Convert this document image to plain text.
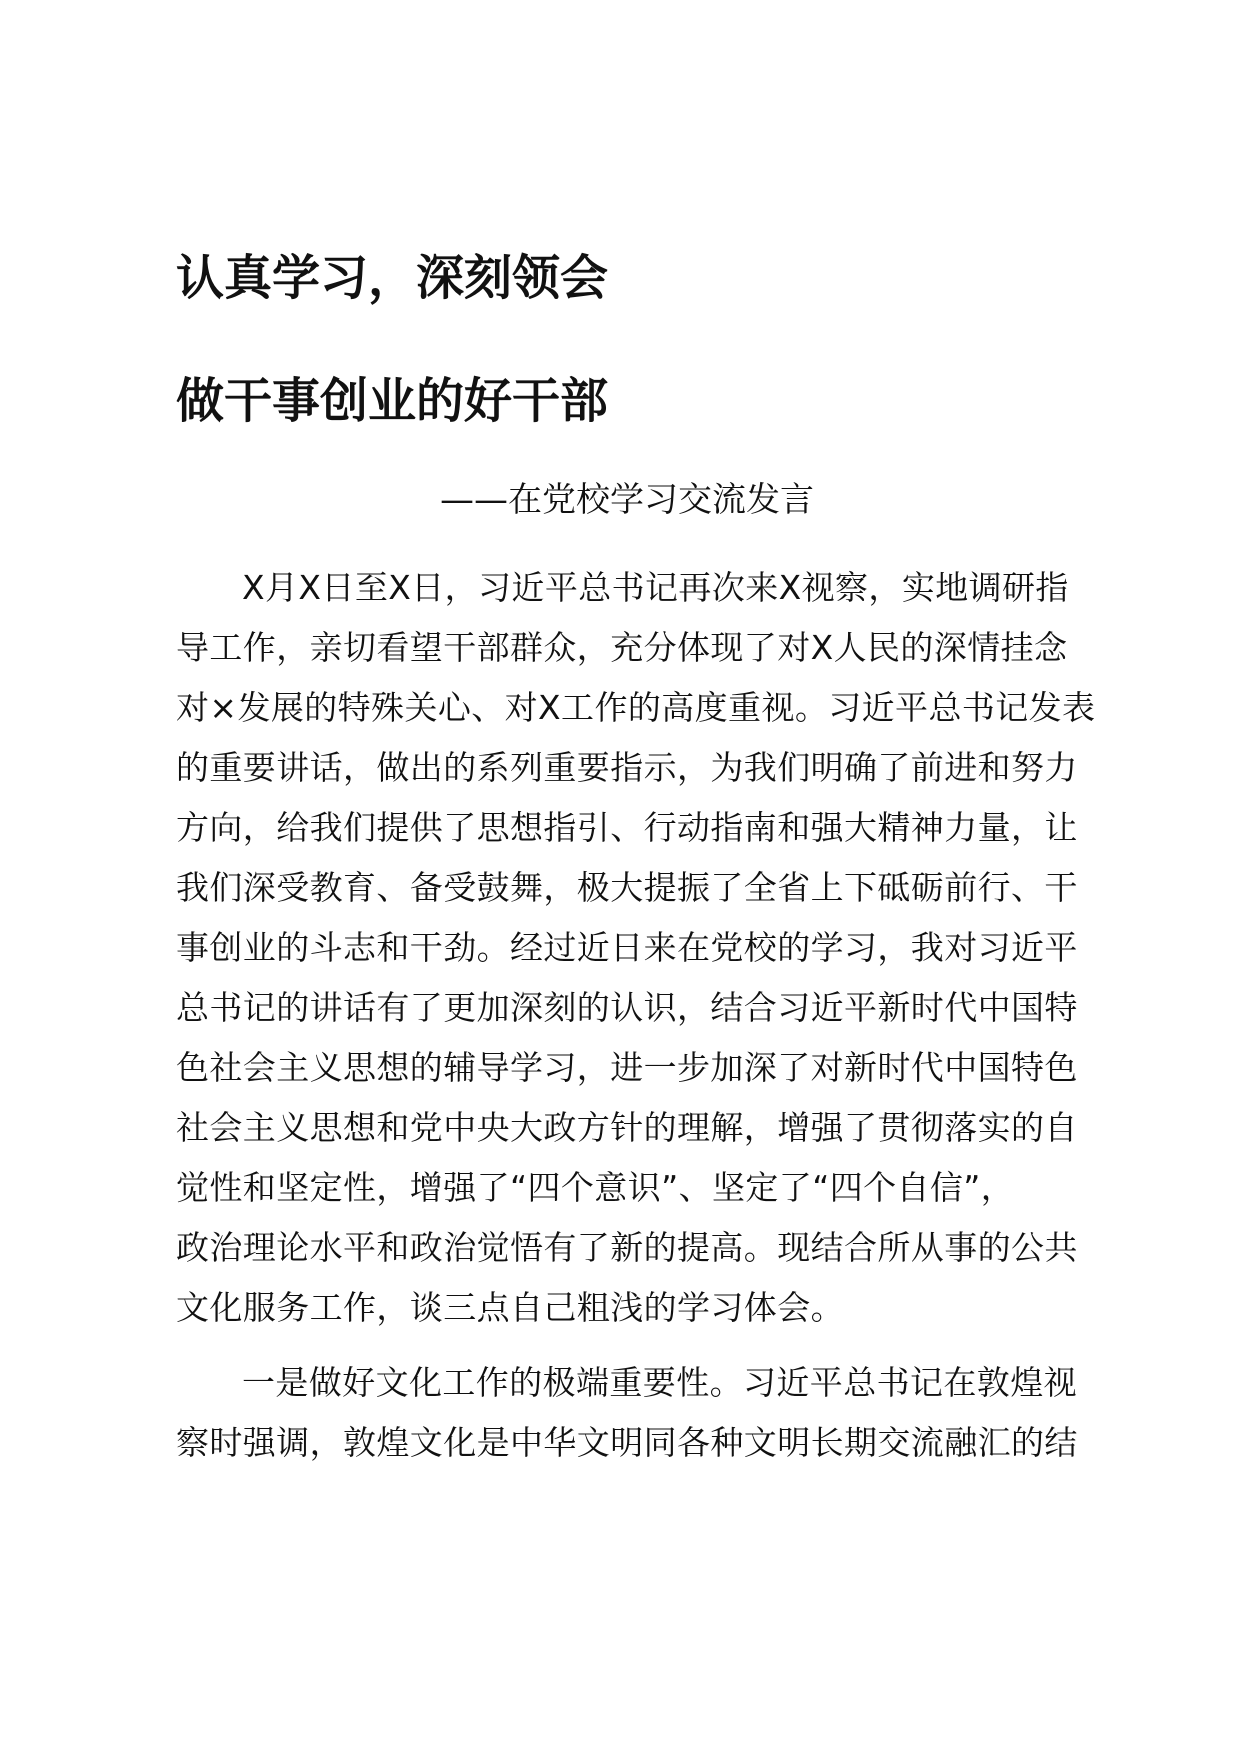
认真学习，深刻领会
做干事创业的好干部

——在党校学习交流发言

X月X日至X日，习近平总书记再次来X视察，实地调研指

导工作，亲切看望干部群众，充分体现了对X人民的深情挂念

对×发展的特殊关心、对X工作的高度重视。习近平总书记发表

的重要讲话，做出的系列重要指示，为我们明确了前进和努力

方向，给我们提供了思想指引、行动指南和强大精神力量，让

我们深受教育、备受鼓舞，极大提振了全省上下砥砺前行、干

事创业的斗志和干劲。经过近日来在党校的学习，我对习近平

总书记的讲话有了更加深刻的认识，结合习近平新时代中国特

色社会主义思想的辅导学习，进一步加深了对新时代中国特色

社会主义思想和党中央大政方针的理解，增强了贯彻落实的自

觉性和坚定性，增强了“四个意识”、坚定了“四个自信”，

政治理论水平和政治觉悟有了新的提高。现结合所从事的公共

文化服务工作，谈三点自己粗浅的学习体会。

一是做好文化工作的极端重要性。习近平总书记在敦煌视

察时强调，敦煌文化是中华文明同各种文明长期交流融汇的结
